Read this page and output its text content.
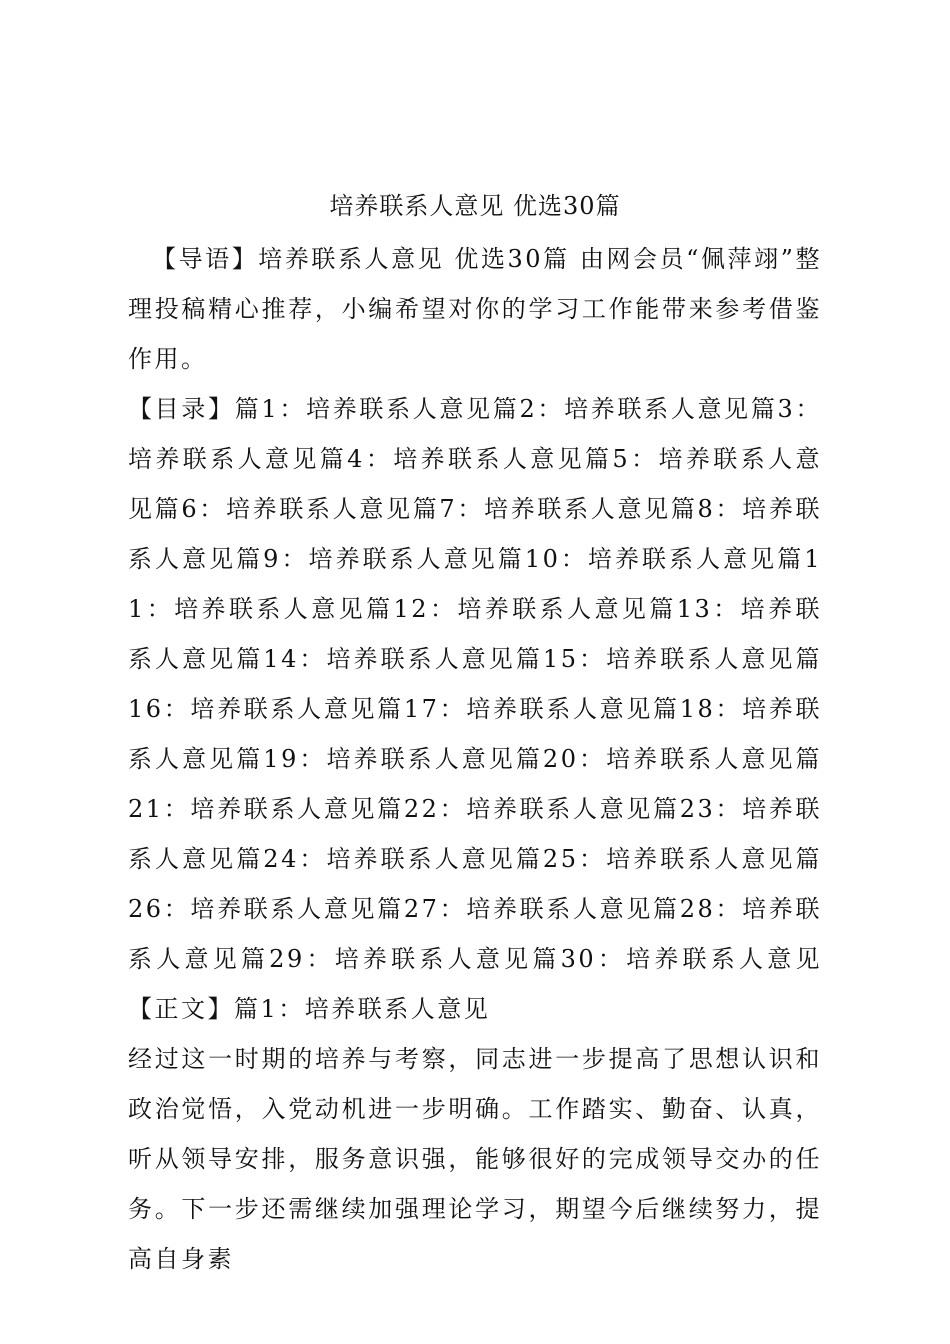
培养联系人意见 优选30篇

【导语】培养联系人意见 优选30篇 由网会员“佩萍翊”整理投稿精心推荐，小编希望对你的学习工作能带来参考借鉴作用。

【目录】篇1：培养联系人意见篇2：培养联系人意见篇3：培养联系人意见篇4：培养联系人意见篇5：培养联系人意见篇6：培养联系人意见篇7：培养联系人意见篇8：培养联系人意见篇9：培养联系人意见篇10：培养联系人意见篇11：培养联系人意见篇12：培养联系人意见篇13：培养联系人意见篇14：培养联系人意见篇15：培养联系人意见篇16：培养联系人意见篇17：培养联系人意见篇18：培养联系人意见篇19：培养联系人意见篇20：培养联系人意见篇21：培养联系人意见篇22：培养联系人意见篇23：培养联系人意见篇24：培养联系人意见篇25：培养联系人意见篇26：培养联系人意见篇27：培养联系人意见篇28：培养联系人意见篇29：培养联系人意见篇30：培养联系人意见【正文】篇1：培养联系人意见

经过这一时期的培养与考察，同志进一步提高了思想认识和政治觉悟，入党动机进一步明确。工作踏实、勤奋、认真，听从领导安排，服务意识强，能够很好的完成领导交办的任务。下一步还需继续加强理论学习，期望今后继续努力，提高自身素
